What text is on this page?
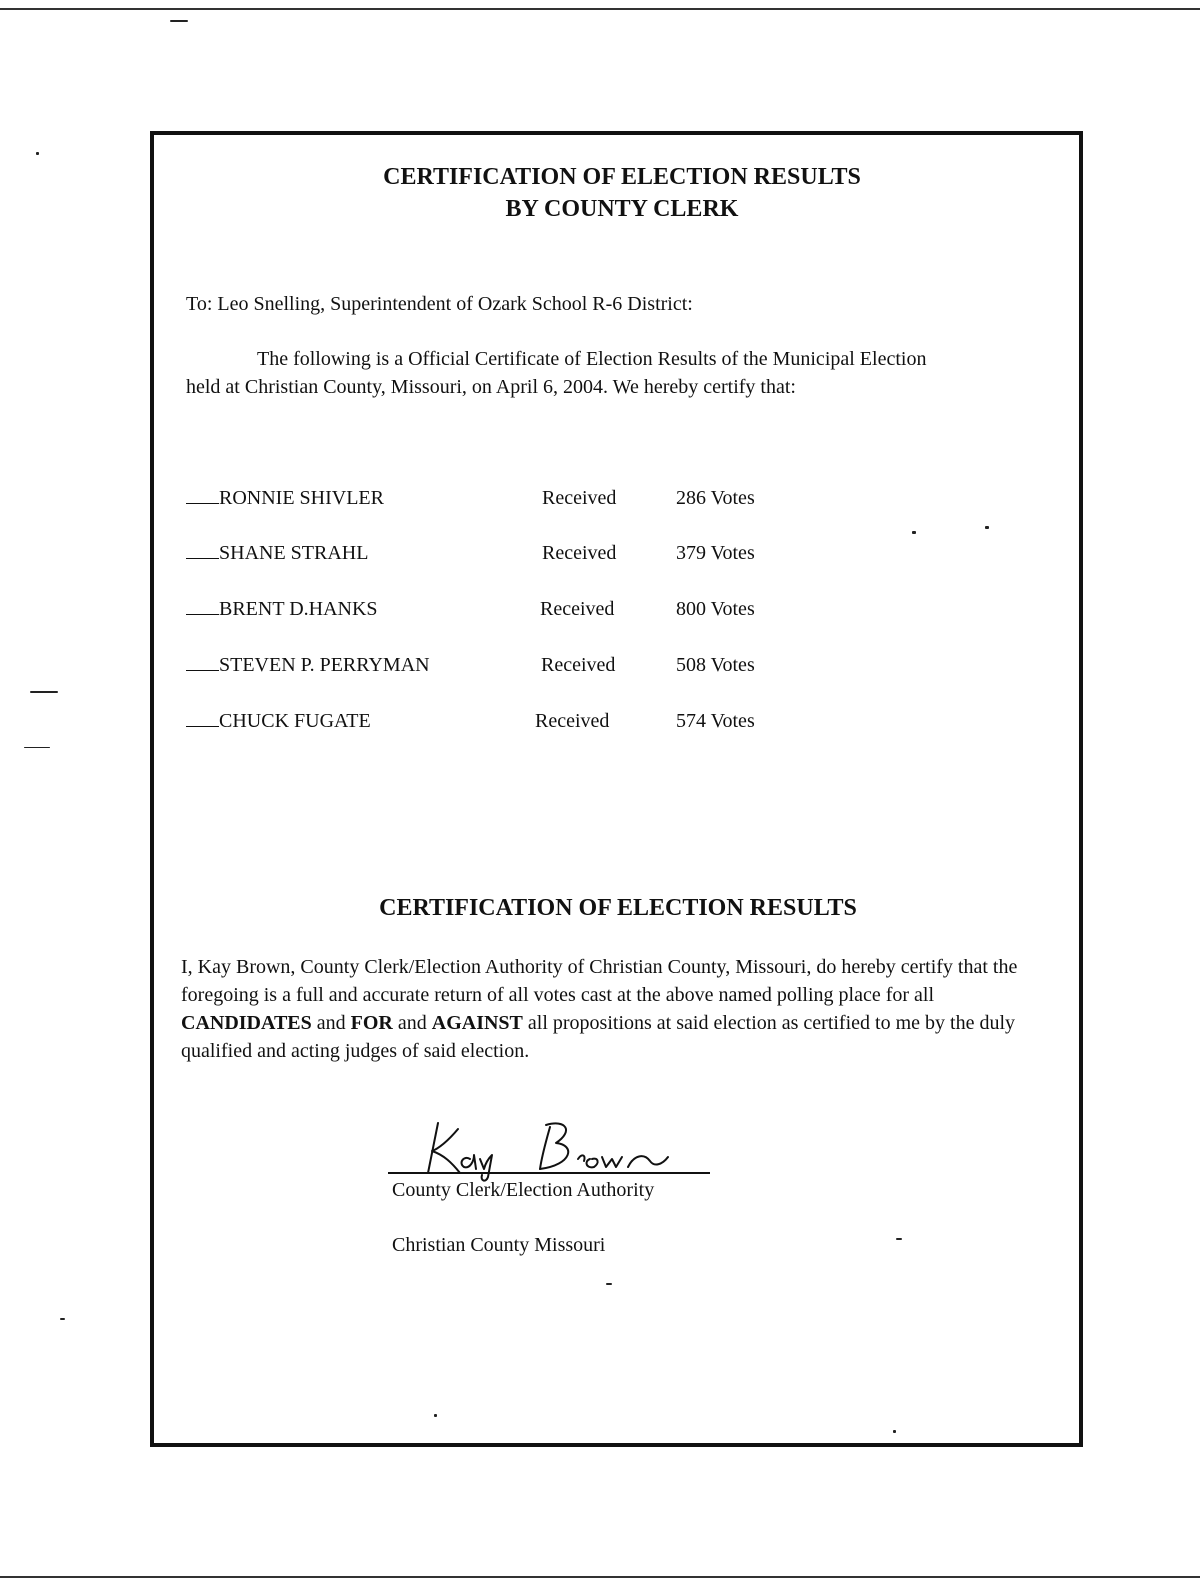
CERTIFICATION OF ELECTION RESULTS
BY COUNTY CLERK

To: Leo Snelling, Superintendent of Ozark School R-6 District:

The following is a Official Certificate of Election Results of the Municipal Election

held at Christian County, Missouri, on April 6, 2004. We hereby certify that:

RONNIE SHIVLER	Received	286 Votes
SHANE STRAHL	Received	379 Votes
BRENT D.HANKS	Received	800 Votes
STEVEN P. PERRYMAN	Received	508 Votes
CHUCK FUGATE	Received	574 Votes
CERTIFICATION OF ELECTION RESULTS

I, Kay Brown, County Clerk/Election Authority of Christian County, Missouri, do hereby certify that the foregoing is a full and accurate return of all votes cast at the above named polling place for all CANDIDATES and FOR and AGAINST all propositions at said election as certified to me by the duly qualified and acting judges of said election.

County Clerk/Election Authority

Christian County Missouri
